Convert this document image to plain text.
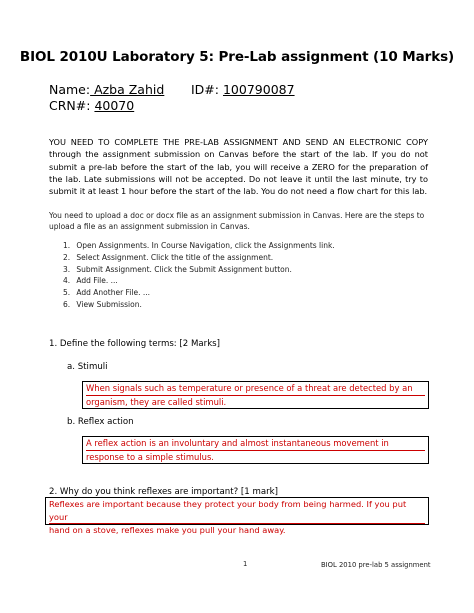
BIOL 2010U Laboratory 5: Pre-Lab assignment (10 Marks)
Name: Azba Zahid ID#: 100790087
CRN#: 40070
YOU NEED TO COMPLETE THE PRE-LAB ASSIGNMENT AND SEND AN ELECTRONIC COPY through the assignment submission on Canvas before the start of the lab. If you do not submit a pre-lab before the start of the lab, you will receive a ZERO for the preparation of the lab. Late submissions will not be accepted. Do not leave it until the last minute, try to submit it at least 1 hour before the start of the lab. You do not need a flow chart for this lab.
You need to upload a doc or docx file as an assignment submission in Canvas. Here are the steps to upload a file as an assignment submission in Canvas.
1. Open Assignments. In Course Navigation, click the Assignments link.
2. Select Assignment. Click the title of the assignment.
3. Submit Assignment. Click the Submit Assignment button.
4. Add File. ...
5. Add Another File. ...
6. View Submission.
1. Define the following terms: [2 Marks]
a. Stimuli
When signals such as temperature or presence of a threat are detected by an
organism, they are called stimuli.
b. Reflex action
A reflex action is an involuntary and almost instantaneous movement in
response to a simple stimulus.
2. Why do you think reflexes are important? [1 mark]
Reflexes are important because they protect your body from being harmed. If you put your
hand on a stove, reflexes make you pull your hand away.
1	BIOL 2010 pre-lab 5 assignment
